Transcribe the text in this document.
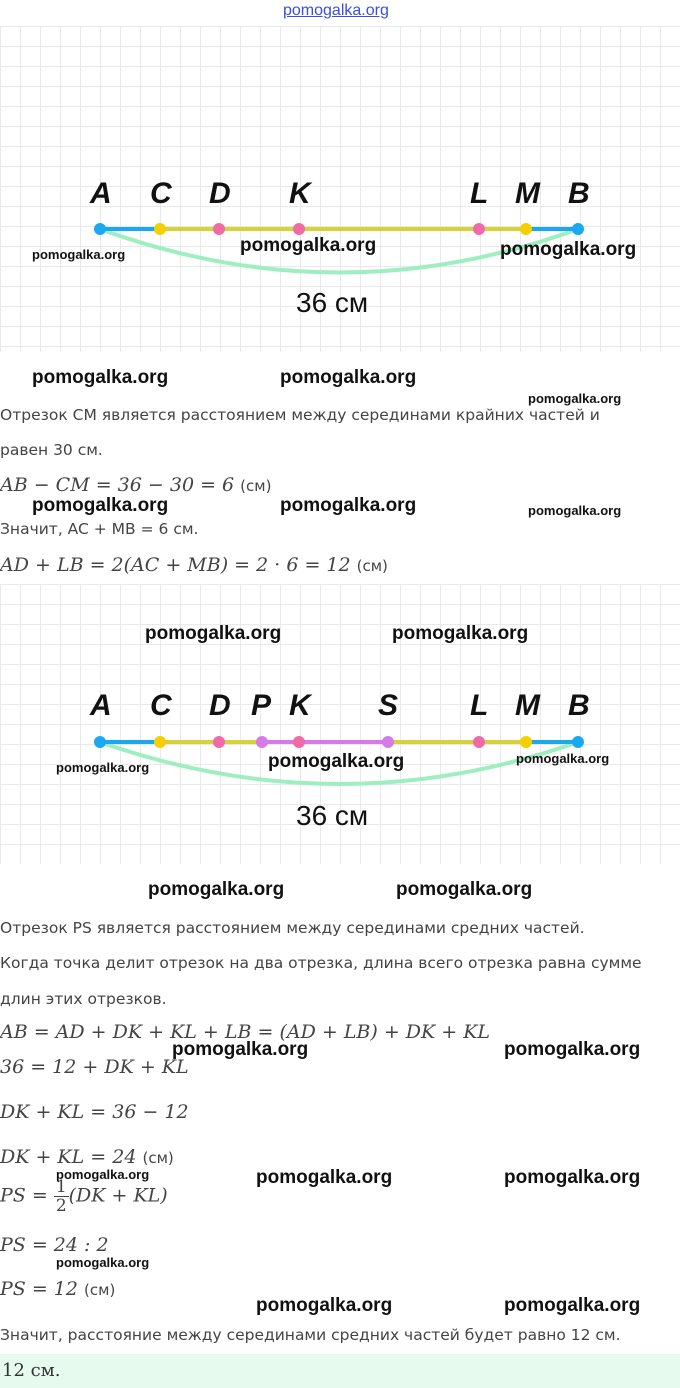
pomogalka.org
A C D K	L M B
36 см
pomogalka.org	pomogalka.org	pomogalka.org
pomogalka.org	pomogalka.org
pomogalka.org
Отрезок CM является расстоянием между серединами крайних частей и
равен 30 см.
AB − CM = 36 − 30 = 6 (см)
pomogalka.org	pomogalka.org	pomogalka.org
Значит, AC + MB = 6 см.
AD + LB = 2(AC + MB) = 2 · 6 = 12 (см)
A C D P K S L M B
36 см
pomogalka.org	pomogalka.org
pomogalka.org	pomogalka.org	pomogalka.org
pomogalka.org	pomogalka.org
Отрезок PS является расстоянием между серединами средних частей.
Когда точка делит отрезок на два отрезка, длина всего отрезка равна сумме
длин этих отрезков.
AB = AD + DK + KL + LB = (AD + LB) + DK + KL
pomogalka.org	pomogalka.org
36 = 12 + DK + KL
DK + KL = 36 − 12
DK + KL = 24 (см)
pomogalka.org	pomogalka.org	pomogalka.org
PS = $\frac{1}{2} (DK + KL)$
PS = 24 : 2
pomogalka.org
PS = 12 (см)
pomogalka.org	pomogalka.org
Значит, расстояние между серединами средних частей будет равно 12 см.
12 см.
